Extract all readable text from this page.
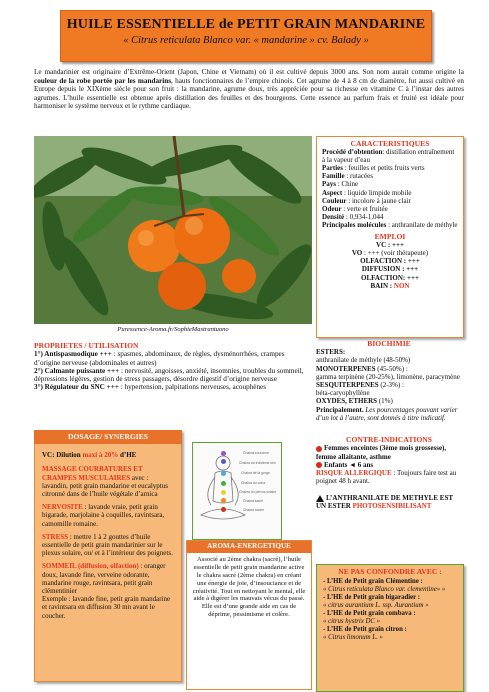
HUILE ESSENTIELLE de PETIT GRAIN MANDARINE
« Citrus reticulata Blanco var. « mandarine » cv. Balady »
Le mandarinier est originaire d’Extrême-Orient (Japon, Chine et Vietnam) où il est cultivé depuis 3000 ans. Son nom aurait comme origine la couleur de la robe portée par les mandarins, hauts fonctionnaires de l’empire chinois. Cet agrume de 4 à 8 cm de diamètre, fut aussi cultivé en Europe depuis le XIXème siècle pour son fruit : la mandarine, agrume doux, très appréciée pour sa richesse en vitamine C à l’instar des autres agrumes. L’huile essentielle est obtenue après distillation des feuilles et des bourgeons. Cette essence au parfum frais et fruité est idéale pour harmoniser le système nerveux et le rythme cardiaque.
Puressence-Aroma.fr/SophieMastrantuono
PROPRIETES / UTILISATION
1°) Antispasmodique +++ : spasmes, abdominaux, de règles, dysménorrhées, crampes d’origine nerveuse (abdominales et autres)
2°) Calmante puissante +++ : nervosité, angoisses, anxiété, insomnies, troubles du sommeil, dépressions légères, gestion de stress passagers, désordre digestif d’origine nerveuse
3°) Régulateur du SNC +++ : hypertension, palpitations nerveuses, acouphènes
DOSAGE/ SYNERGIES
VC: Dilution maxi à 20% d’HE
MASSAGE COURBATURES ET CRAMPES MUSCULAIRES avec : lavandin, petit grain mandarine et eucalyptus citronné dans de l’huile végétale d’arnica
NERVOSITE : lavande vraie, petit grain bigarade, marjolaine à coquilles, ravintsara, camomille romaine.
STRESS : mettre 1 à 2 gouttes d’huile essentielle de petit grain mandarinier sur le plexus solaire, ou/ et à l’intérieur des poignets.
SOMMEIL (diffusion, olfaction) : oranger doux, lavande fine, verveine odorante, mandarine rouge, ravintsara, petit grain clémentinier
Exemple : lavande fine, petit grain mandarine et ravintsara en diffusion 30 mn avant le coucher.
Chakra couronne
Chakra du troisième oeil
Chakra de la gorge
Chakra du cœur
Chakra du plexus solaire
Chakra sacré
Chakra racine
AROMA-ENERGETIQUE
Associé au 2ème chakra (sacré), l’huile essentielle de petit grain mandarine active le chakra sacré (2ème chakra) en créant une énergie de joie, d’insouciance et de créativité. Tout en nettoyant le mental, elle aide à digérer les mauvais vécus du passé. Elle est d’une grande aide en cas de déprime, pessimisme et colère.
CARACTERISTIQUES
Procédé d’obtention: distillation entraînement à la vapeur d’eau
Parties : feuilles et petits fruits verts
Famille : rutacées
Pays : Chine
Aspect : liquide limpide mobile
Couleur : incolore à jaune clair
Odeur : verte et fruitée
Densité : 0,934-1,044
Principales molécules : anthranilate de méthyle
EMPLOI
VC : +++
VO : +++ (voir thérapeute)
OLFACTION : +++
DIFFUSION : +++
OLFACTION: +++
BAIN : NON
BIOCHIMIE
ESTERS:
anthranilate de méthyle (48-50%)
MONOTERPENES (45-50%) :
gamma terpinène (20-25%), limonène, paracymène
SESQUITERPENES (2-3%) :
béta-caryophyllène
OXYDES, ETHERS (1%)
Principalement. Les pourcentages pouvant varier d’un lot à l’autre, sont donnés à titre indicatif.
CONTRE-INDICATIONS
Femmes enceintes (3ème mois grossesse), femme allaitante, asthme
Enfants ◄ 6 ans
RISQUE ALLERGIQUE : Toujours faire test au poignet 48 h avant.
L’ANTHRANILATE DE METHYLE EST UN ESTER PHOTOSENSIBILISANT
NE PAS CONFONDRE AVEC :
- L’HE de Petit grain Clémentine :
« Citrus reticulata Blanco var. clementine» »
- L’HE de Petit grain bigaradier :
« citrus aurantium L. ssp. Aurantium »
- L’HE de Petit grain combava :
« citrus hystrix DC »
- L’HE de Petit grain citron :
« Citrus limonum L. »
